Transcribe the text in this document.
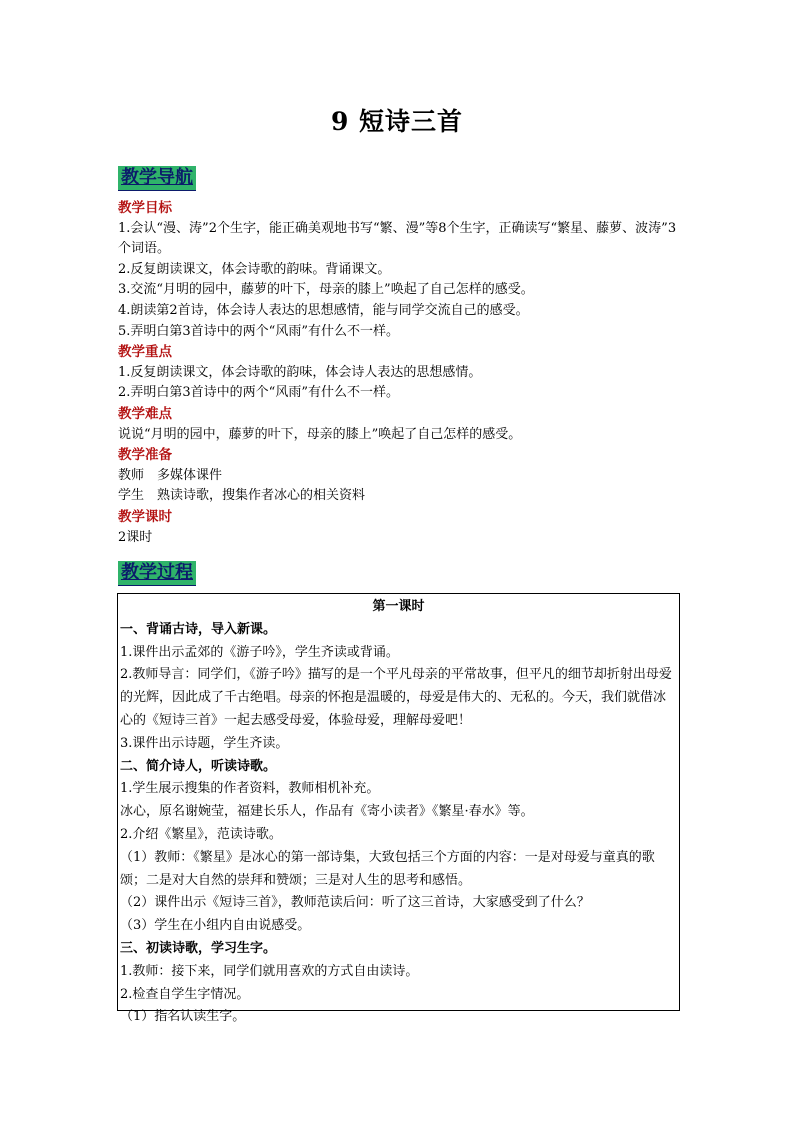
9 短诗三首
教学导航
教学目标

1.会认“漫、涛”2个生字，能正确美观地书写“繁、漫”等8个生字，正确读写“繁星、藤萝、波涛”3个词语。

2.反复朗读课文，体会诗歌的韵味。背诵课文。

3.交流“月明的园中，藤萝的叶下，母亲的膝上”唤起了自己怎样的感受。

4.朗读第2首诗，体会诗人表达的思想感情，能与同学交流自己的感受。

5.弄明白第3首诗中的两个“风雨”有什么不一样。

教学重点

1.反复朗读课文，体会诗歌的韵味，体会诗人表达的思想感情。

2.弄明白第3首诗中的两个“风雨”有什么不一样。

教学难点

说说“月明的园中，藤萝的叶下，母亲的膝上”唤起了自己怎样的感受。

教学准备

教师　多媒体课件

学生　熟读诗歌，搜集作者冰心的相关资料

教学课时

2课时

教学过程

第一课时

一、背诵古诗，导入新课。

1.课件出示孟郊的《游子吟》，学生齐读或背诵。

2.教师导言：同学们，《游子吟》描写的是一个平凡母亲的平常故事，但平凡的细节却折射出母爱的光辉，因此成了千古绝唱。母亲的怀抱是温暖的，母爱是伟大的、无私的。今天，我们就借冰心的《短诗三首》一起去感受母爱，体验母爱，理解母爱吧！

3.课件出示诗题，学生齐读。

二、简介诗人，听读诗歌。

1.学生展示搜集的作者资料，教师相机补充。

冰心，原名谢婉莹，福建长乐人，作品有《寄小读者》《繁星·春水》等。

2.介绍《繁星》，范读诗歌。

（1）教师：《繁星》是冰心的第一部诗集，大致包括三个方面的内容：一是对母爱与童真的歌颂；二是对大自然的崇拜和赞颂；三是对人生的思考和感悟。

（2）课件出示《短诗三首》，教师范读后问：听了这三首诗，大家感受到了什么？

（3）学生在小组内自由说感受。

三、初读诗歌，学习生字。

1.教师：接下来，同学们就用喜欢的方式自由读诗。

2.检查自学生字情况。

（1）指名认读生字。
